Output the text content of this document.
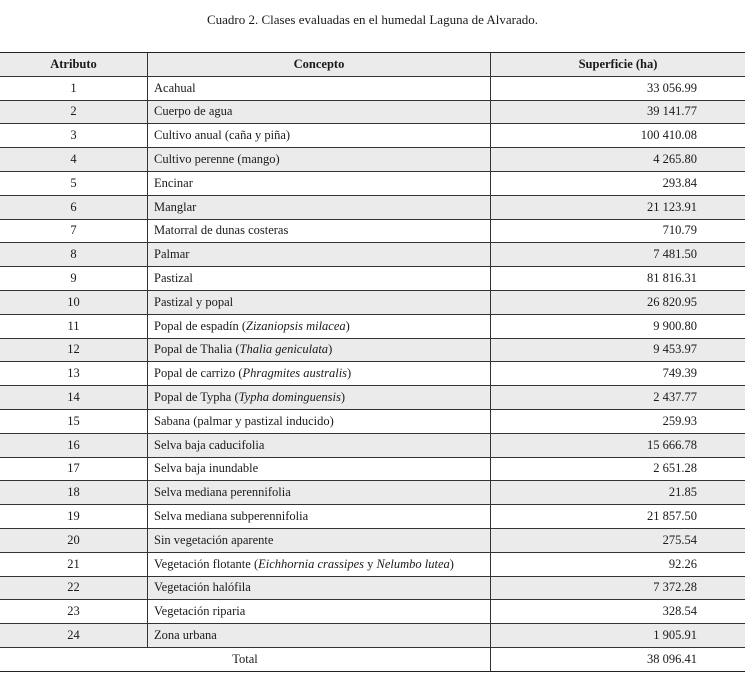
Cuadro 2. Clases evaluadas en el humedal Laguna de Alvarado.
Atributo	Concepto	Superficie (ha)
1	Acahual	33 056.99
2	Cuerpo de agua	39 141.77
3	Cultivo anual (caña y piña)	100 410.08
4	Cultivo perenne (mango)	4 265.80
5	Encinar	293.84
6	Manglar	21 123.91
7	Matorral de dunas costeras	710.79
8	Palmar	7 481.50
9	Pastizal	81 816.31
10	Pastizal y popal	26 820.95
11	Popal de espadín (Zizaniopsis milacea)	9 900.80
12	Popal de Thalia (Thalia geniculata)	9 453.97
13	Popal de carrizo (Phragmites australis)	749.39
14	Popal de Typha (Typha dominguensis)	2 437.77
15	Sabana (palmar y pastizal inducido)	259.93
16	Selva baja caducifolia	15 666.78
17	Selva baja inundable	2 651.28
18	Selva mediana perennifolia	21.85
19	Selva mediana subperennifolia	21 857.50
20	Sin vegetación aparente	275.54
21	Vegetación flotante (Eichhornia crassipes y Nelumbo lutea)	92.26
22	Vegetación halófila	7 372.28
23	Vegetación riparia	328.54
24	Zona urbana	1 905.91
Total		38 096.41
